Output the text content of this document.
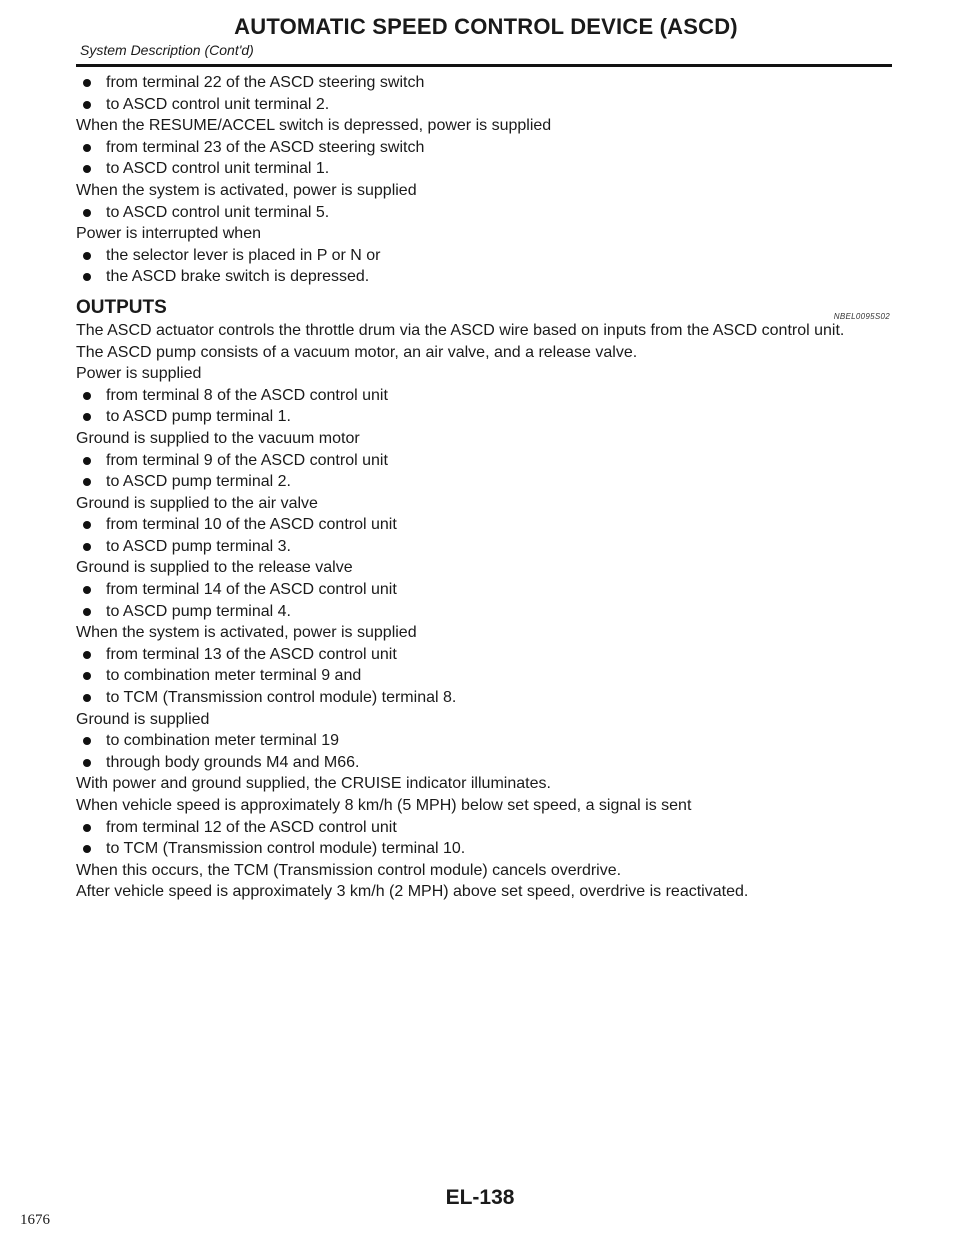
AUTOMATIC SPEED CONTROL DEVICE (ASCD)
System Description (Cont'd)
from terminal 22 of the ASCD steering switch
to ASCD control unit terminal 2.
When the RESUME/ACCEL switch is depressed, power is supplied
from terminal 23 of the ASCD steering switch
to ASCD control unit terminal 1.
When the system is activated, power is supplied
to ASCD control unit terminal 5.
Power is interrupted when
the selector lever is placed in P or N or
the ASCD brake switch is depressed.
OUTPUTS	NBEL0095S02
The ASCD actuator controls the throttle drum via the ASCD wire based on inputs from the ASCD control unit.
The ASCD pump consists of a vacuum motor, an air valve, and a release valve.
Power is supplied
from terminal 8 of the ASCD control unit
to ASCD pump terminal 1.
Ground is supplied to the vacuum motor
from terminal 9 of the ASCD control unit
to ASCD pump terminal 2.
Ground is supplied to the air valve
from terminal 10 of the ASCD control unit
to ASCD pump terminal 3.
Ground is supplied to the release valve
from terminal 14 of the ASCD control unit
to ASCD pump terminal 4.
When the system is activated, power is supplied
from terminal 13 of the ASCD control unit
to combination meter terminal 9 and
to TCM (Transmission control module) terminal 8.
Ground is supplied
to combination meter terminal 19
through body grounds M4 and M66.
With power and ground supplied, the CRUISE indicator illuminates.
When vehicle speed is approximately 8 km/h (5 MPH) below set speed, a signal is sent
from terminal 12 of the ASCD control unit
to TCM (Transmission control module) terminal 10.
When this occurs, the TCM (Transmission control module) cancels overdrive.
After vehicle speed is approximately 3 km/h (2 MPH) above set speed, overdrive is reactivated.
EL-138
1676
